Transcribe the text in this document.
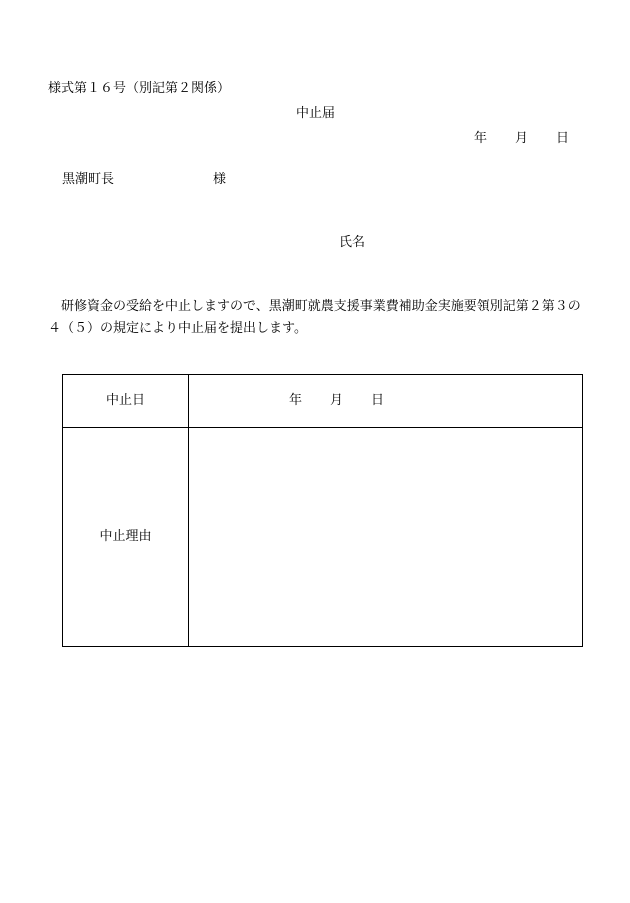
様式第１６号（別記第２関係）
中止届
年 月 日
黒潮町長	様
氏名
　研修資金の受給を中止しますので、黒潮町就農支援事業費補助金実施要領別記第２第３の４（５）の規定により中止届を提出します。
中止日	年 月 日
中止理由
